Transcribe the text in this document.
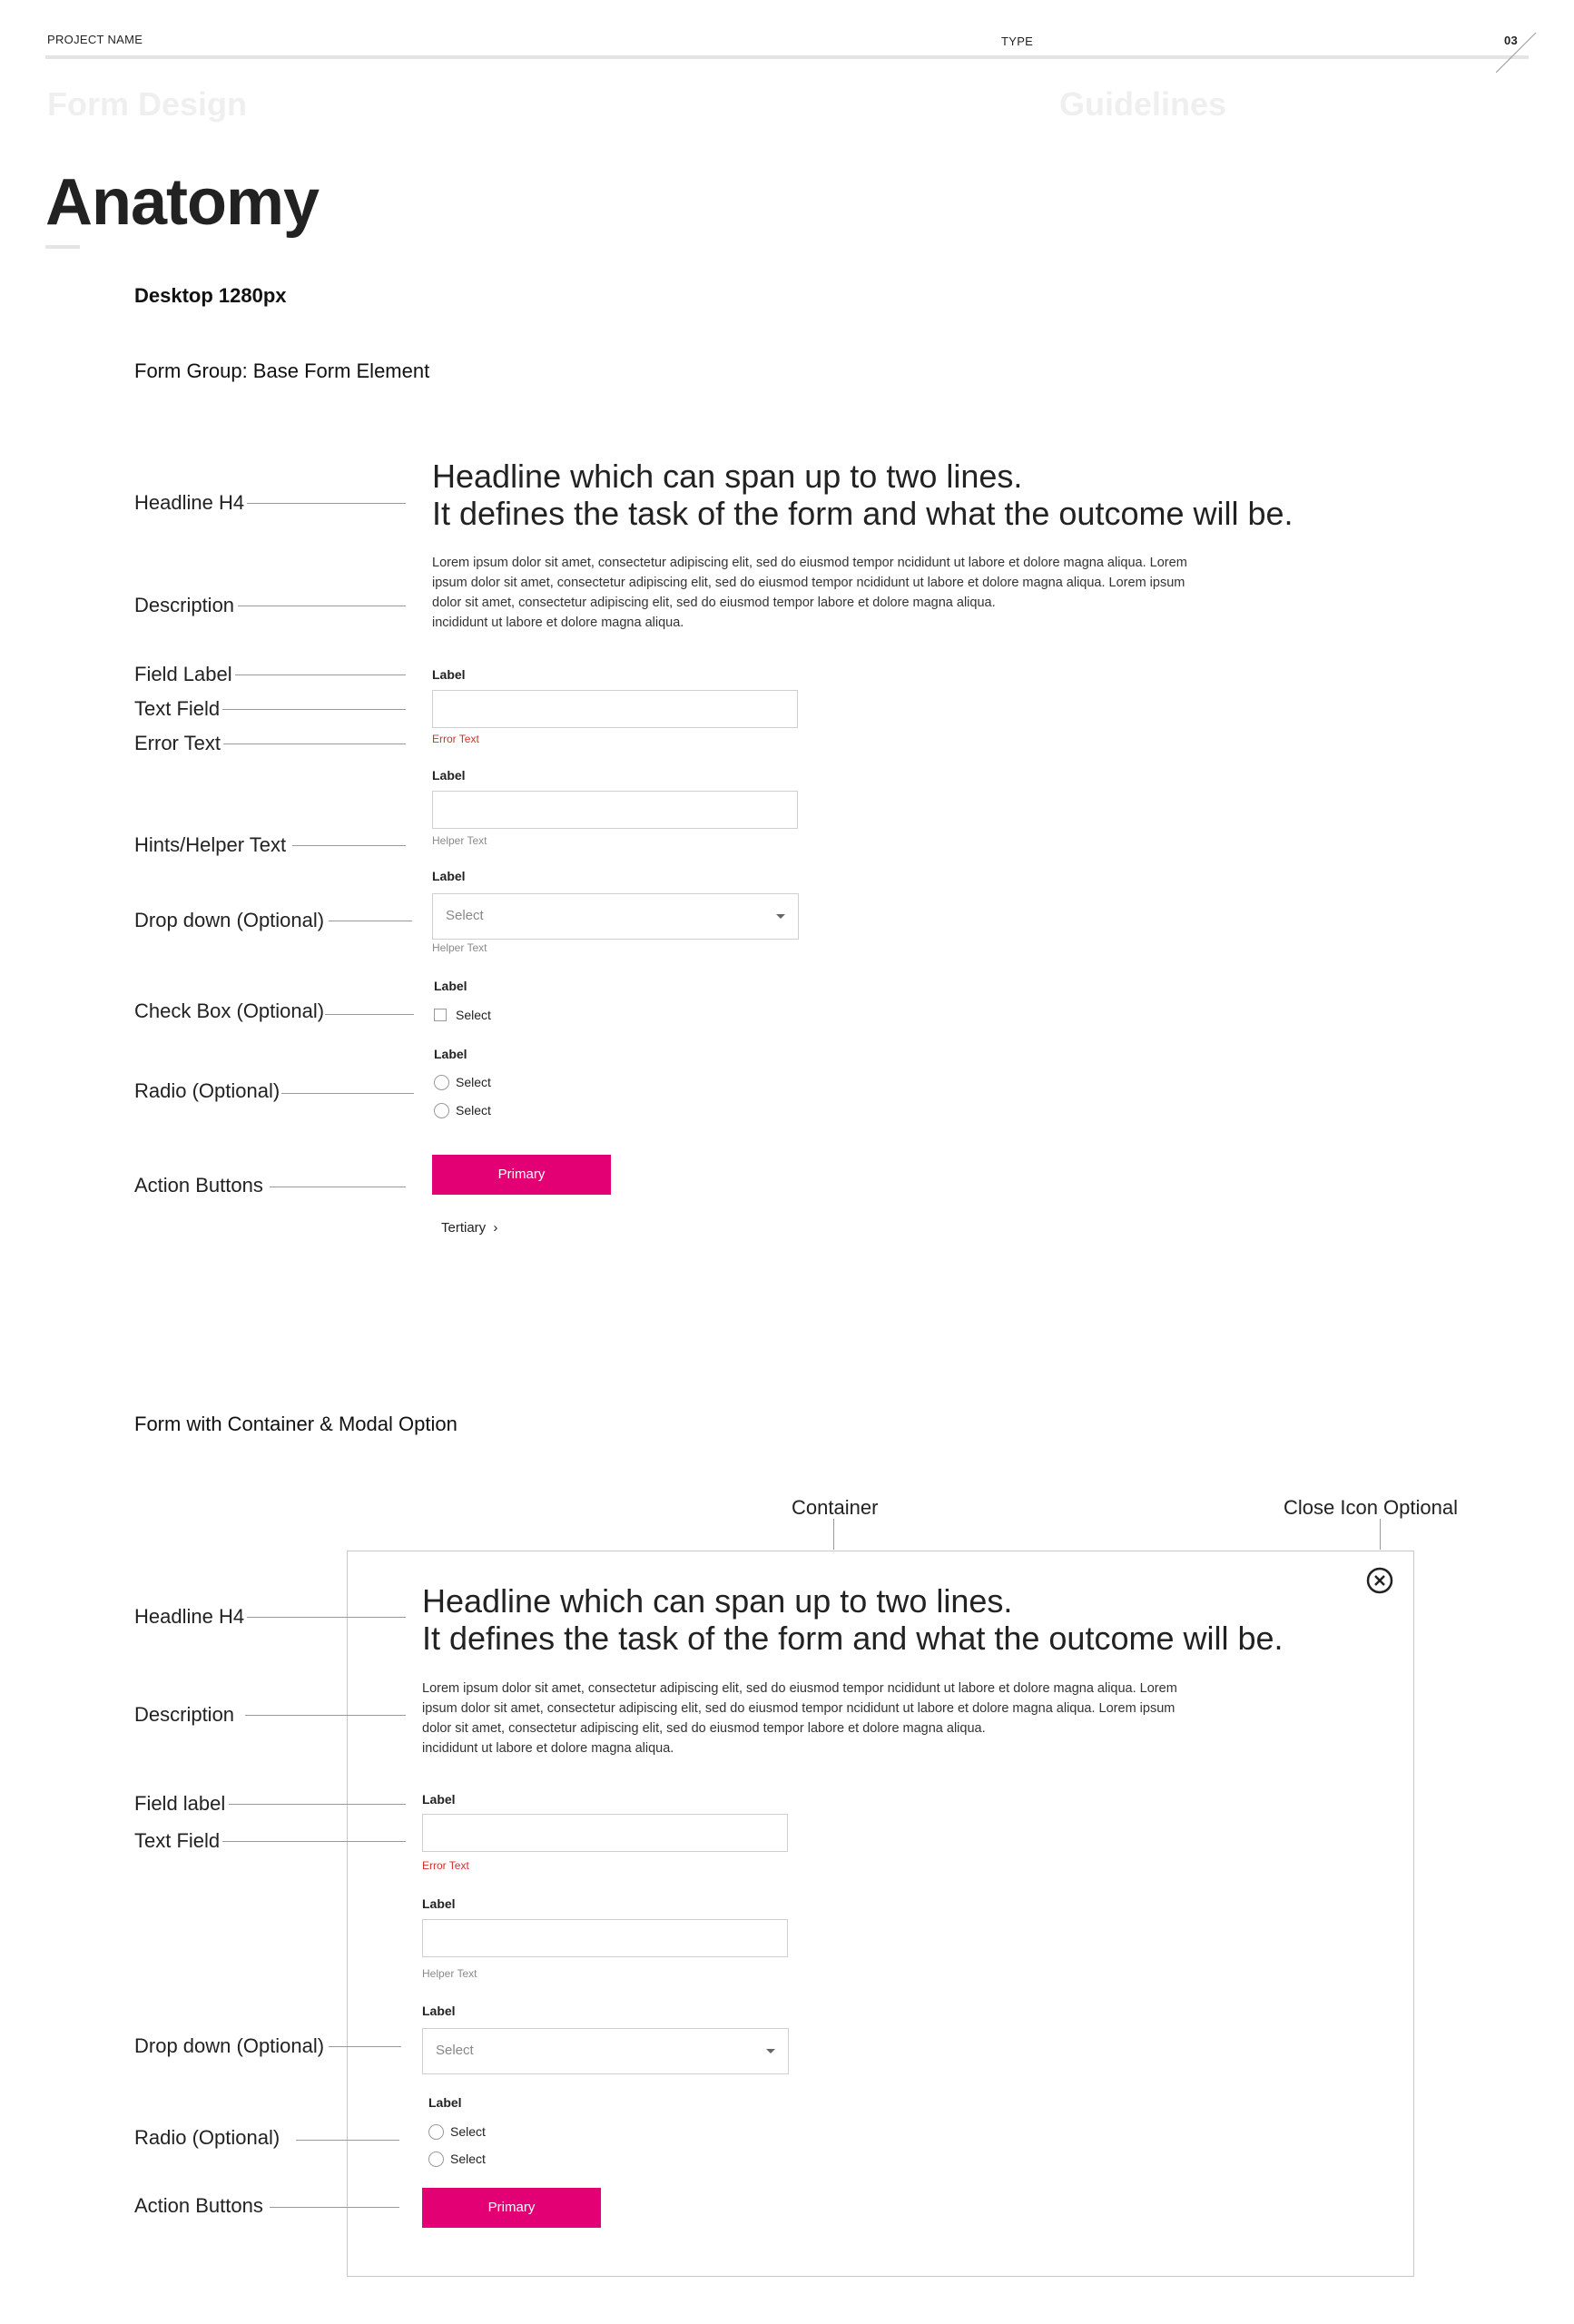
PROJECT NAME	TYPE	03
Form Design	Guidelines
Anatomy
Desktop 1280px
Form Group: Base Form Element
Headline H4
Description
Field Label
Text Field
Error Text
Hints/Helper Text
Drop down (Optional)
Check Box (Optional)
Radio (Optional)
Action Buttons
Headline which can span up to two lines.
It defines the task of the form and what the outcome will be.
Lorem ipsum dolor sit amet, consectetur adipiscing elit, sed do eiusmod tempor ncididunt ut labore et dolore magna aliqua. Lorem
ipsum dolor sit amet, consectetur adipiscing elit, sed do eiusmod tempor ncididunt ut labore et dolore magna aliqua. Lorem ipsum
dolor sit amet, consectetur adipiscing elit, sed do eiusmod tempor labore et dolore magna aliqua.
incididunt ut labore et dolore magna aliqua.
Label
Error Text
Label
Helper Text
Label
Select
Helper Text
Label
Select
Label
Select
Select
Primary
Tertiary ›
Form with Container & Modal Option
Container	Close Icon Optional
Headline H4
Description
Field label
Text Field
Drop down (Optional)
Radio (Optional)
Action Buttons
Headline which can span up to two lines.
It defines the task of the form and what the outcome will be.
Lorem ipsum dolor sit amet, consectetur adipiscing elit, sed do eiusmod tempor ncididunt ut labore et dolore magna aliqua. Lorem
ipsum dolor sit amet, consectetur adipiscing elit, sed do eiusmod tempor ncididunt ut labore et dolore magna aliqua. Lorem ipsum
dolor sit amet, consectetur adipiscing elit, sed do eiusmod tempor labore et dolore magna aliqua.
incididunt ut labore et dolore magna aliqua.
Label
Error Text
Label
Helper Text
Label
Select
Label
Select
Select
Primary
